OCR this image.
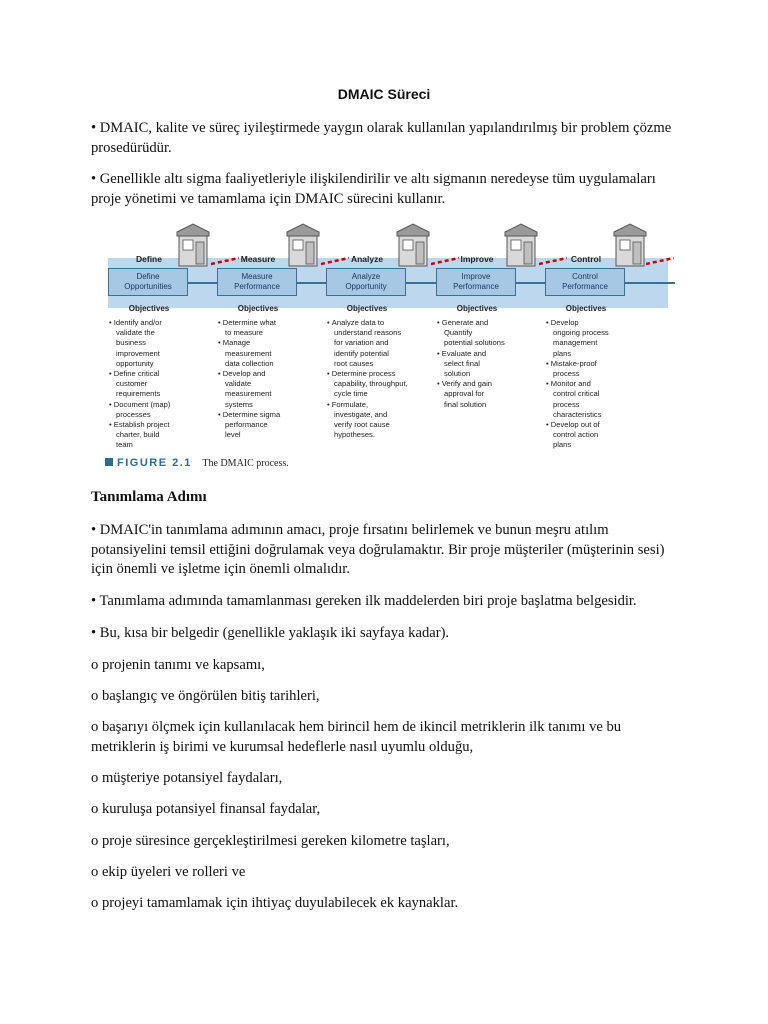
DMAIC Süreci
• DMAIC, kalite ve süreç iyileştirmede yaygın olarak kullanılan yapılandırılmış bir problem çözme prosedürüdür.
• Genellikle altı sigma faaliyetleriyle ilişkilendirilir ve altı sigmanın neredeyse tüm uygulamaları proje yönetimi ve tamamlama için DMAIC sürecini kullanır.
Define
Define
Opportunities
Objectives
• Identify and/or
validate the
business
improvement
opportunity
• Define critical
customer
requirements
• Document (map)
processes
• Establish project
charter, build
team
Measure
Measure
Performance
Objectives
• Determine what
to measure
• Manage
measurement
data collection
• Develop and
validate
measurement
systems
• Determine sigma
performance
level
Analyze
Analyze
Opportunity
Objectives
• Analyze data to
understand reasons
for variation and
identify potential
root causes
• Determine process
capability, throughput,
cycle time
• Formulate,
investigate, and
verify root cause
hypotheses.
Improve
Improve
Performance
Objectives
• Generate and
Quantify
potential solutions
• Evaluate and
select final
solution
• Verify and gain
approval for
final solution
Control
Control
Performance
Objectives
• Develop
ongoing process
management
plans
• Mistake-proof
process
• Monitor and
control critical
process
characteristics
• Develop out of
control action
plans
FIGURE 2.1 The DMAIC process.
Tanımlama Adımı
• DMAIC'in tanımlama adımının amacı, proje fırsatını belirlemek ve bunun meşru atılım potansiyelini temsil ettiğini doğrulamak veya doğrulamaktır. Bir proje müşteriler (müşterinin sesi) için önemli ve işletme için önemli olmalıdır.
• Tanımlama adımında tamamlanması gereken ilk maddelerden biri proje başlatma belgesidir.
• Bu, kısa bir belgedir (genellikle yaklaşık iki sayfaya kadar).
o projenin tanımı ve kapsamı,
o başlangıç ve öngörülen bitiş tarihleri,
o başarıyı ölçmek için kullanılacak hem birincil hem de ikincil metriklerin ilk tanımı ve bu metriklerin iş birimi ve kurumsal hedeflerle nasıl uyumlu olduğu,
o müşteriye potansiyel faydaları,
o kuruluşa potansiyel finansal faydalar,
o proje süresince gerçekleştirilmesi gereken kilometre taşları,
o ekip üyeleri ve rolleri ve
o projeyi tamamlamak için ihtiyaç duyulabilecek ek kaynaklar.
